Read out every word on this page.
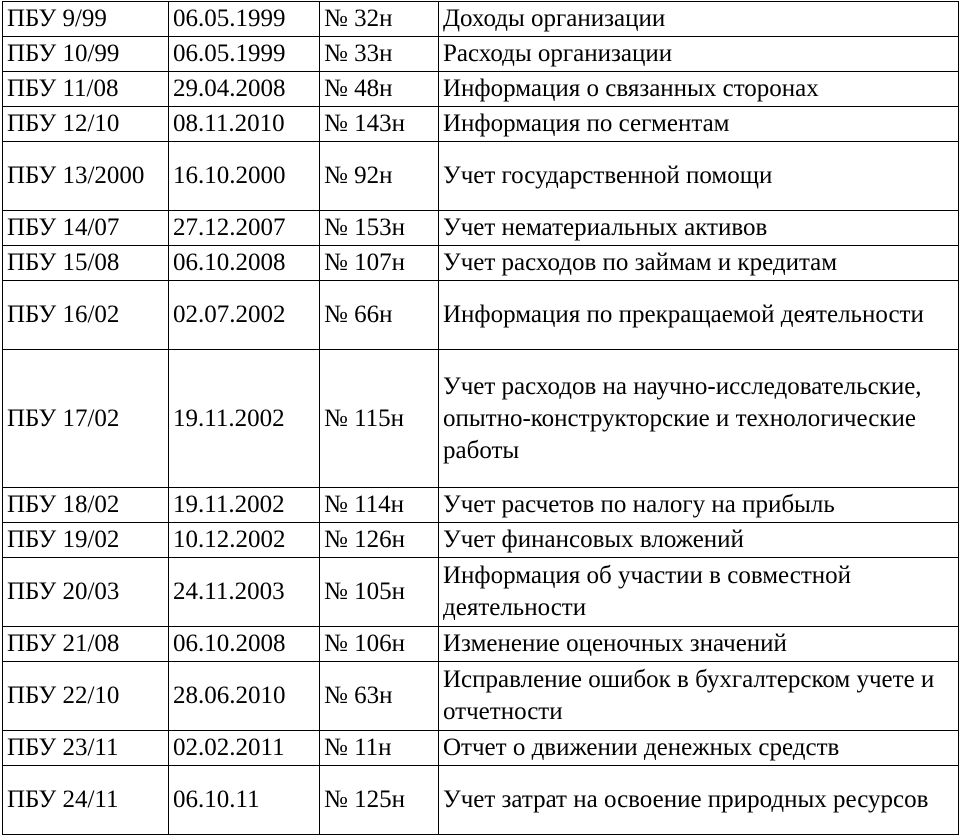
ПБУ 9/99	06.05.1999	№ 32н	Доходы организации
ПБУ 10/99	06.05.1999	№ 33н	Расходы организации
ПБУ 11/08	29.04.2008	№ 48н	Информация о связанных сторонах
ПБУ 12/10	08.11.2010	№ 143н	Информация по сегментам
ПБУ 13/2000	16.10.2000	№ 92н	Учет государственной помощи
ПБУ 14/07	27.12.2007	№ 153н	Учет нематериальных активов
ПБУ 15/08	06.10.2008	№ 107н	Учет расходов по займам и кредитам
ПБУ 16/02	02.07.2002	№ 66н	Информация по прекращаемой деятельности
ПБУ 17/02	19.11.2002	№ 115н	Учет расходов на научно-исследовательские, опытно-конструкторские и технологические работы
ПБУ 18/02	19.11.2002	№ 114н	Учет расчетов по налогу на прибыль
ПБУ 19/02	10.12.2002	№ 126н	Учет финансовых вложений
ПБУ 20/03	24.11.2003	№ 105н	Информация об участии в совместной деятельности
ПБУ 21/08	06.10.2008	№ 106н	Изменение оценочных значений
ПБУ 22/10	28.06.2010	№ 63н	Исправление ошибок в бухгалтерском учете и отчетности
ПБУ 23/11	02.02.2011	№ 11н	Отчет о движении денежных средств
ПБУ 24/11	06.10.11	№ 125н	Учет затрат на освоение природных ресурсов
